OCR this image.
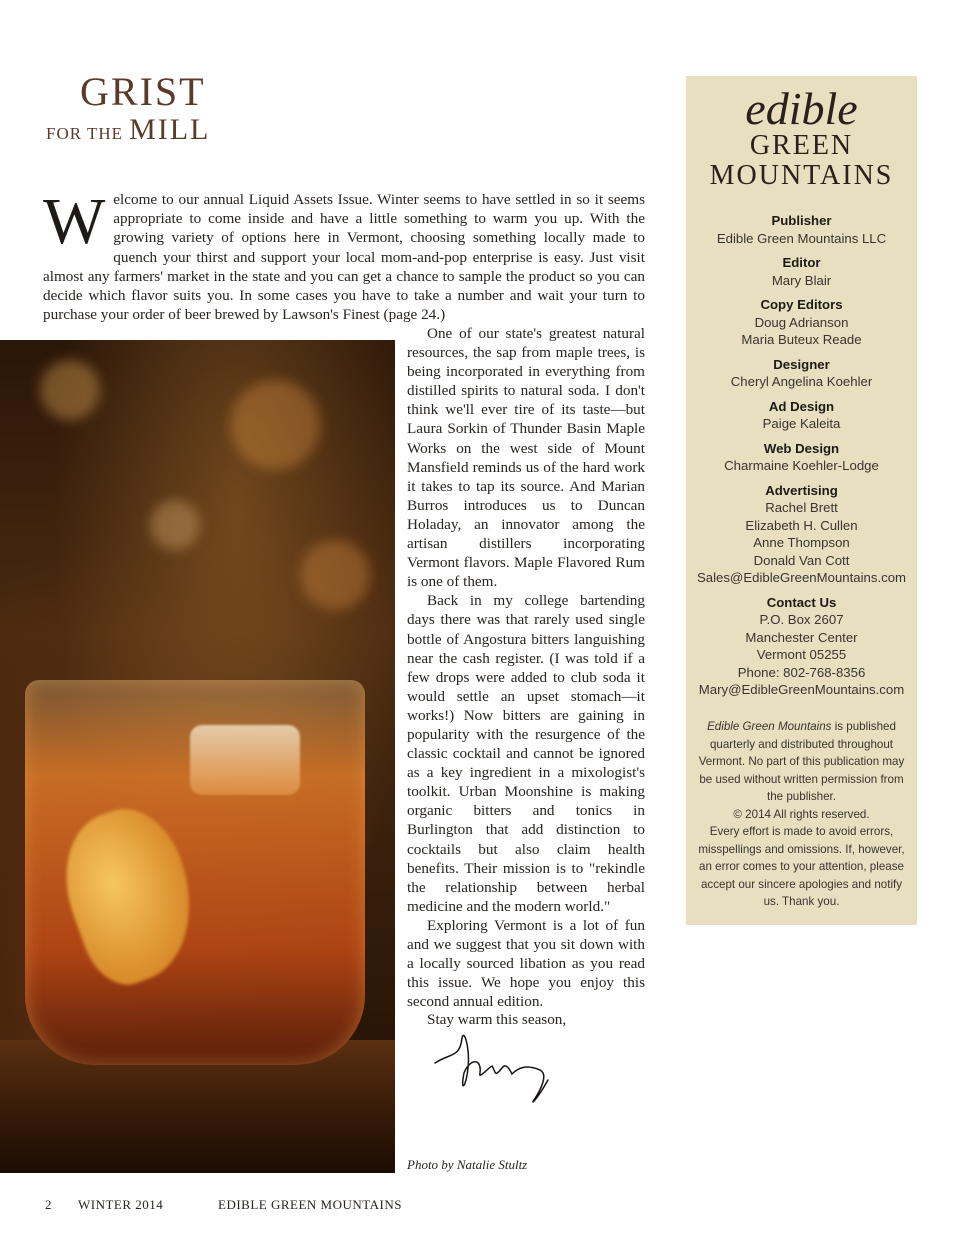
GRIST
FOR THE MILL
Welcome to our annual Liquid Assets Issue. Winter seems to have settled in so it seems appropriate to come inside and have a little something to warm you up. With the growing variety of options here in Vermont, choosing something locally made to quench your thirst and support your local mom-and-pop enterprise is easy. Just visit almost any farmers' market in the state and you can get a chance to sample the product so you can decide which flavor suits you. In some cases you have to take a number and wait your turn to purchase your order of beer brewed by Lawson's Finest (page 24.)

One of our state's greatest natural resources, the sap from maple trees, is being incorporated in everything from distilled spirits to natural soda. I don't think we'll ever tire of its taste—but Laura Sorkin of Thunder Basin Maple Works on the west side of Mount Mansfield reminds us of the hard work it takes to tap its source. And Marian Burros introduces us to Duncan Holaday, an innovator among the artisan distillers incorporating Vermont flavors. Maple Flavored Rum is one of them.

Back in my college bartending days there was that rarely used single bottle of Angostura bitters languishing near the cash register. (I was told if a few drops were added to club soda it would settle an upset stomach—it works!) Now bitters are gaining in popularity with the resurgence of the classic cocktail and cannot be ignored as a key ingredient in a mixologist's toolkit. Urban Moonshine is making organic bitters and tonics in Burlington that add distinction to cocktails but also claim health benefits. Their mission is to "rekindle the relationship between herbal medicine and the modern world."

Exploring Vermont is a lot of fun and we suggest that you sit down with a locally sourced libation as you read this issue. We hope you enjoy this second annual edition.

Stay warm this season,
Photo by Natalie Stultz
2 WINTER 2014	EDIBLE GREEN MOUNTAINS
edible
GREEN
MOUNTAINS
Publisher
Edible Green Mountains LLC
Editor
Mary Blair
Copy Editors
Doug Adrianson
Maria Buteux Reade
Designer
Cheryl Angelina Koehler
Ad Design
Paige Kaleita
Web Design
Charmaine Koehler-Lodge
Advertising
Rachel Brett
Elizabeth H. Cullen
Anne Thompson
Donald Van Cott
Sales@EdibleGreenMountains.com
Contact Us
P.O. Box 2607
Manchester Center
Vermont 05255
Phone: 802-768-8356
Mary@EdibleGreenMountains.com
Edible Green Mountains is published quarterly and distributed throughout Vermont. No part of this publication may be used without written permission from the publisher.
© 2014 All rights reserved.
Every effort is made to avoid errors, misspellings and omissions. If, however, an error comes to your attention, please accept our sincere apologies and notify us. Thank you.
